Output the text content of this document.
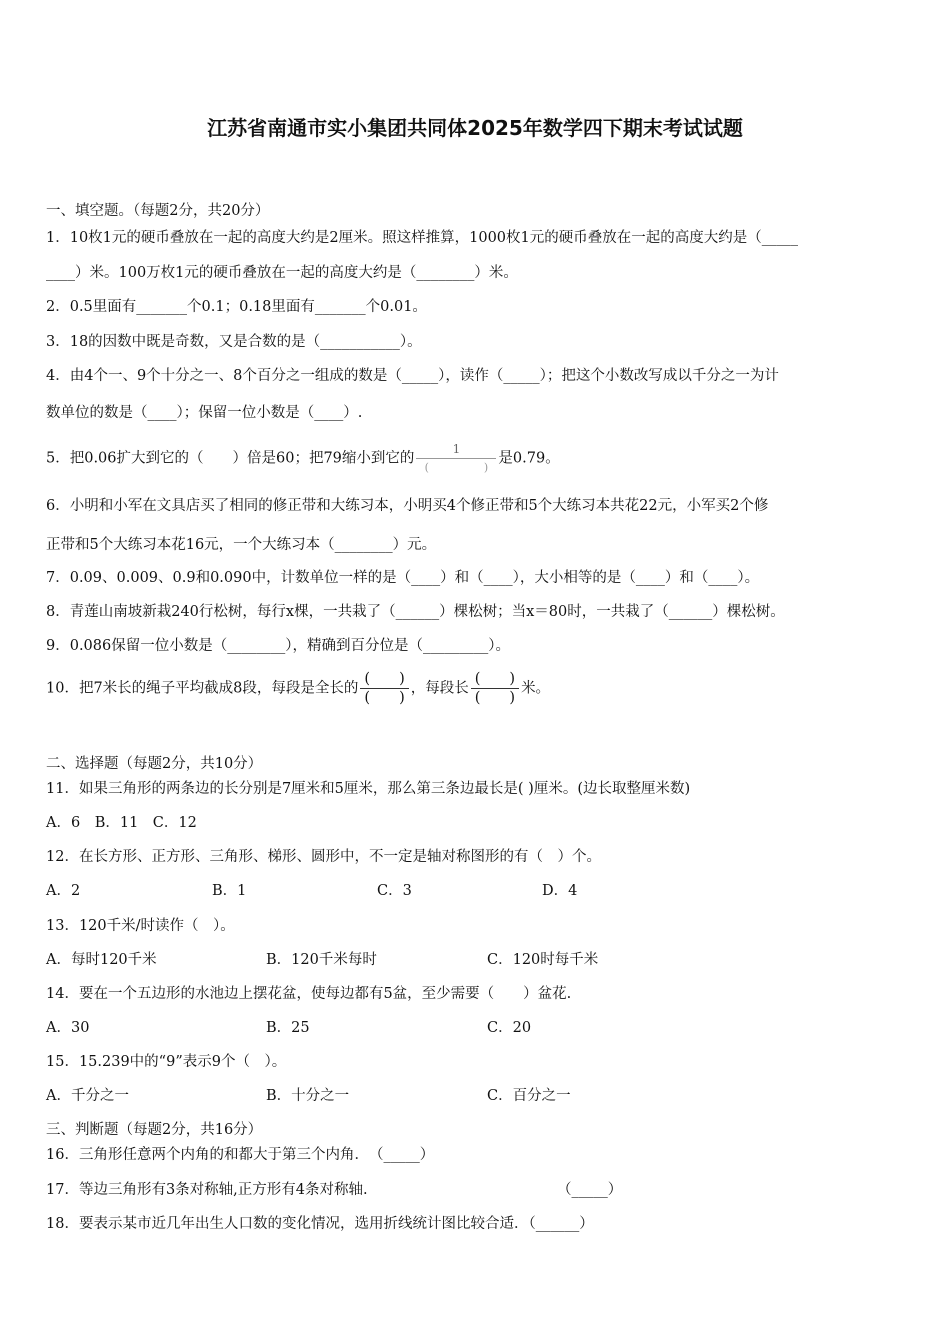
江苏省南通市实小集团共同体2025年数学四下期末考试试题
一、填空题。（每题2分，共20分）
1．10枚1元的硬币叠放在一起的高度大约是2厘米。照这样推算，1000枚1元的硬币叠放在一起的高度大约是（_____
____）米。100万枚1元的硬币叠放在一起的高度大约是（________）米。
2．0.5里面有_______个0.1；0.18里面有_______个0.01。
3．18的因数中既是奇数，又是合数的是（___________）。
4．由4个一、9个十分之一、8个百分之一组成的数是（_____），读作（_____）；把这个小数改写成以千分之一为计
数单位的数是（____）；保留一位小数是（____）.
5．把0.06扩大到它的（　　）倍是60；把79缩小到它的 $\frac{1}{( )}$ 是0.79。
6．小明和小军在文具店买了相同的修正带和大练习本，小明买4个修正带和5个大练习本共花22元，小军买2个修
正带和5个大练习本花16元，一个大练习本（________）元。
7．0.09、0.009、0.9和0.090中，计数单位一样的是（____）和（____），大小相等的是（____）和（____）。
8．青莲山南坡新栽240行松树，每行x棵，一共栽了（______）棵松树；当x＝80时，一共栽了（______）棵松树。
9．0.086保留一位小数是（________），精确到百分位是（_________）。
10．把7米长的绳子平均截成8段，每段是全长的 $\frac{( )}{( )}$ ，每段长 $\frac{( )}{( )}$ 米。
二、选择题（每题2分，共10分）
11．如果三角形的两条边的长分别是7厘米和5厘米，那么第三条边最长是( )厘米。(边长取整厘米数)
A．6　B．11　C．12
12．在长方形、正方形、三角形、梯形、圆形中，不一定是轴对称图形的有（　）个。
A．2	B．1	C．3	D．4
13．120千米/时读作（　）。
A．每时120千米	B．120千米每时	C．120时每千米
14．要在一个五边形的水池边上摆花盆，使每边都有5盆，至少需要（　　）盆花.
A．30	B．25	C．20
15．15.239中的“9”表示9个（　）。
A．千分之一	B．十分之一	C．百分之一
三、判断题（每题2分，共16分）
16．三角形任意两个内角的和都大于第三个内角．　（_____）
17．等边三角形有3条对称轴,正方形有4条对称轴.	（_____）
18．要表示某市近几年出生人口数的变化情况，选用折线统计图比较合适．（______）
